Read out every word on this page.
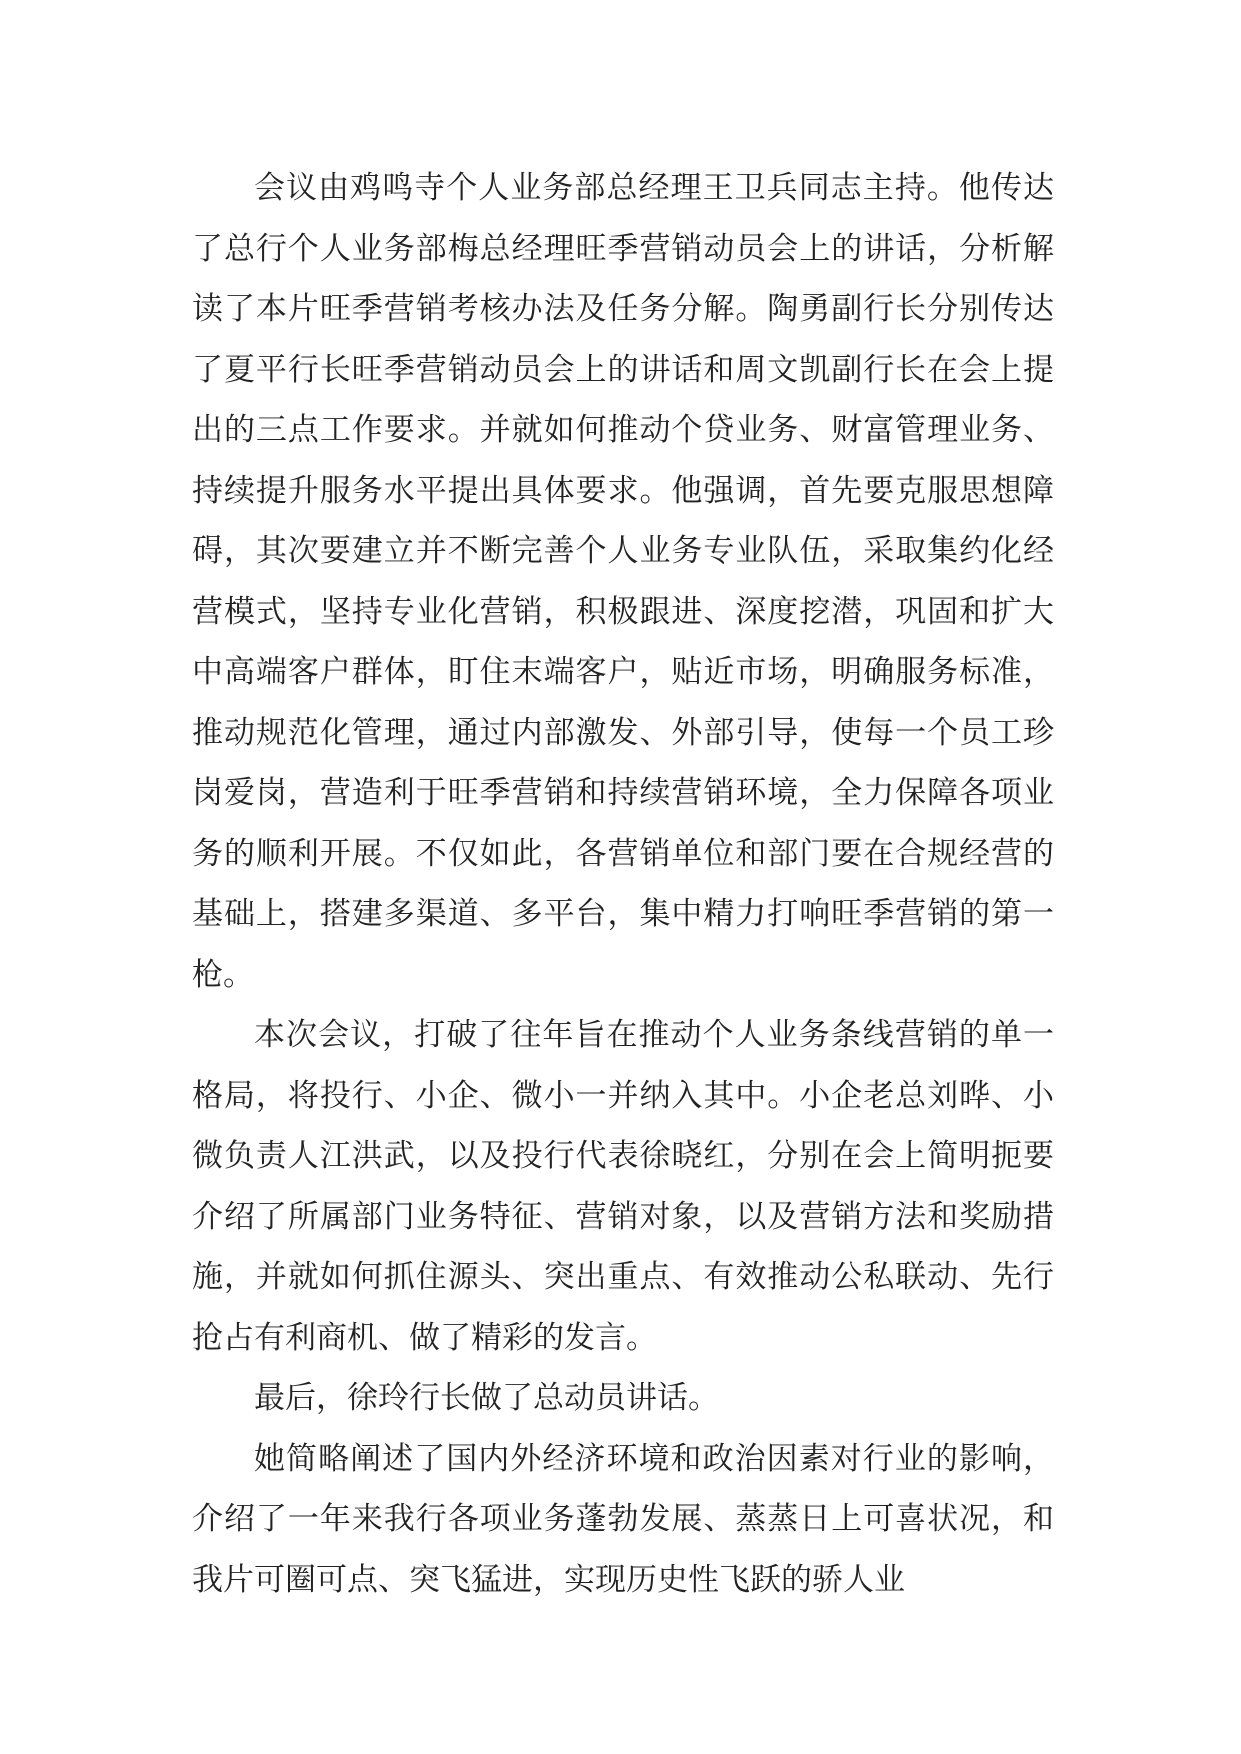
会议由鸡鸣寺个人业务部总经理王卫兵同志主持。他传达了总行个人业务部梅总经理旺季营销动员会上的讲话，分析解读了本片旺季营销考核办法及任务分解。陶勇副行长分别传达了夏平行长旺季营销动员会上的讲话和周文凯副行长在会上提出的三点工作要求。并就如何推动个贷业务、财富管理业务、持续提升服务水平提出具体要求。他强调，首先要克服思想障碍，其次要建立并不断完善个人业务专业队伍，采取集约化经营模式，坚持专业化营销，积极跟进、深度挖潜，巩固和扩大中高端客户群体，盯住末端客户，贴近市场，明确服务标准，推动规范化管理，通过内部激发、外部引导，使每一个员工珍岗爱岗，营造利于旺季营销和持续营销环境，全力保障各项业务的顺利开展。不仅如此，各营销单位和部门要在合规经营的基础上，搭建多渠道、多平台，集中精力打响旺季营销的第一枪。

本次会议，打破了往年旨在推动个人业务条线营销的单一格局，将投行、小企、微小一并纳入其中。小企老总刘晔、小微负责人江洪武，以及投行代表徐晓红，分别在会上简明扼要介绍了所属部门业务特征、营销对象，以及营销方法和奖励措施，并就如何抓住源头、突出重点、有效推动公私联动、先行抢占有利商机、做了精彩的发言。

最后，徐玲行长做了总动员讲话。

她简略阐述了国内外经济环境和政治因素对行业的影响，介绍了一年来我行各项业务蓬勃发展、蒸蒸日上可喜状况，和我片可圈可点、突飞猛进，实现历史性飞跃的骄人业
